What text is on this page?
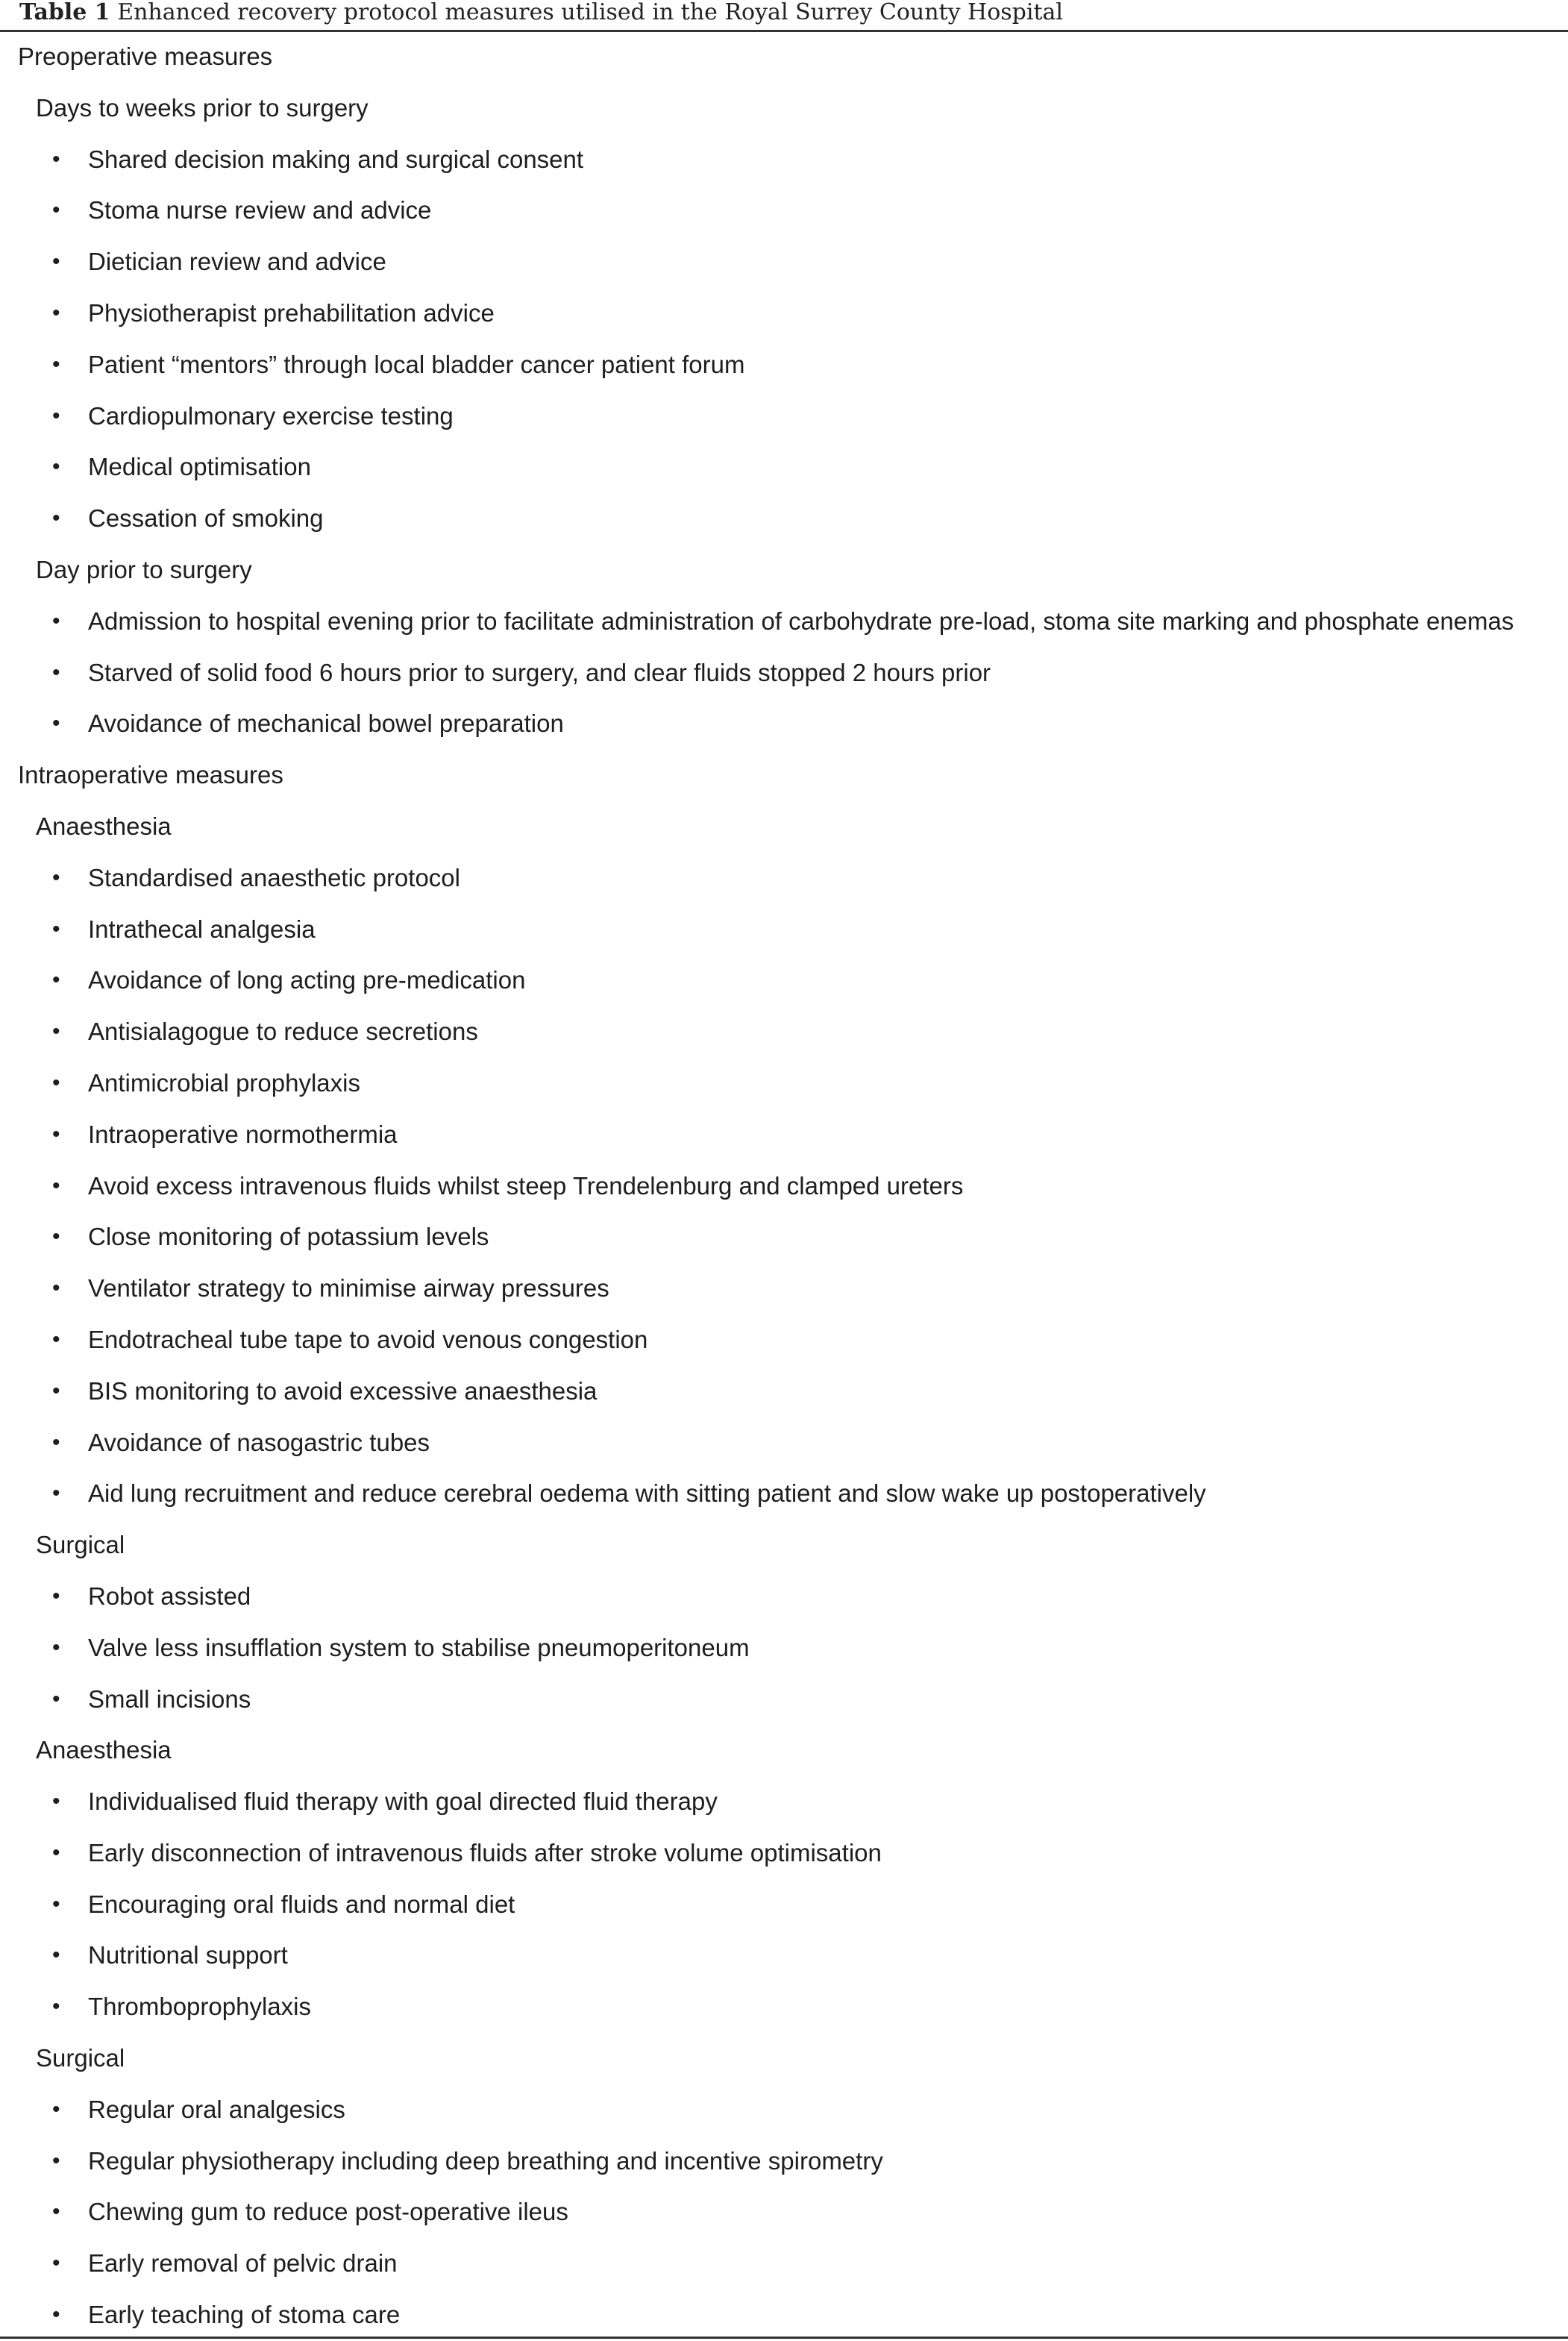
Table 1 Enhanced recovery protocol measures utilised in the Royal Surrey County Hospital
Preoperative measures
Days to weeks prior to surgery
• Shared decision making and surgical consent
• Stoma nurse review and advice
• Dietician review and advice
• Physiotherapist prehabilitation advice
• Patient “mentors” through local bladder cancer patient forum
• Cardiopulmonary exercise testing
• Medical optimisation
• Cessation of smoking
Day prior to surgery
• Admission to hospital evening prior to facilitate administration of carbohydrate pre-load, stoma site marking and phosphate enemas
• Starved of solid food 6 hours prior to surgery, and clear fluids stopped 2 hours prior
• Avoidance of mechanical bowel preparation
Intraoperative measures
Anaesthesia
• Standardised anaesthetic protocol
• Intrathecal analgesia
• Avoidance of long acting pre-medication
• Antisialagogue to reduce secretions
• Antimicrobial prophylaxis
• Intraoperative normothermia
• Avoid excess intravenous fluids whilst steep Trendelenburg and clamped ureters
• Close monitoring of potassium levels
• Ventilator strategy to minimise airway pressures
• Endotracheal tube tape to avoid venous congestion
• BIS monitoring to avoid excessive anaesthesia
• Avoidance of nasogastric tubes
• Aid lung recruitment and reduce cerebral oedema with sitting patient and slow wake up postoperatively
Surgical
• Robot assisted
• Valve less insufflation system to stabilise pneumoperitoneum
• Small incisions
Anaesthesia
• Individualised fluid therapy with goal directed fluid therapy
• Early disconnection of intravenous fluids after stroke volume optimisation
• Encouraging oral fluids and normal diet
• Nutritional support
• Thromboprophylaxis
Surgical
• Regular oral analgesics
• Regular physiotherapy including deep breathing and incentive spirometry
• Chewing gum to reduce post-operative ileus
• Early removal of pelvic drain
• Early teaching of stoma care
